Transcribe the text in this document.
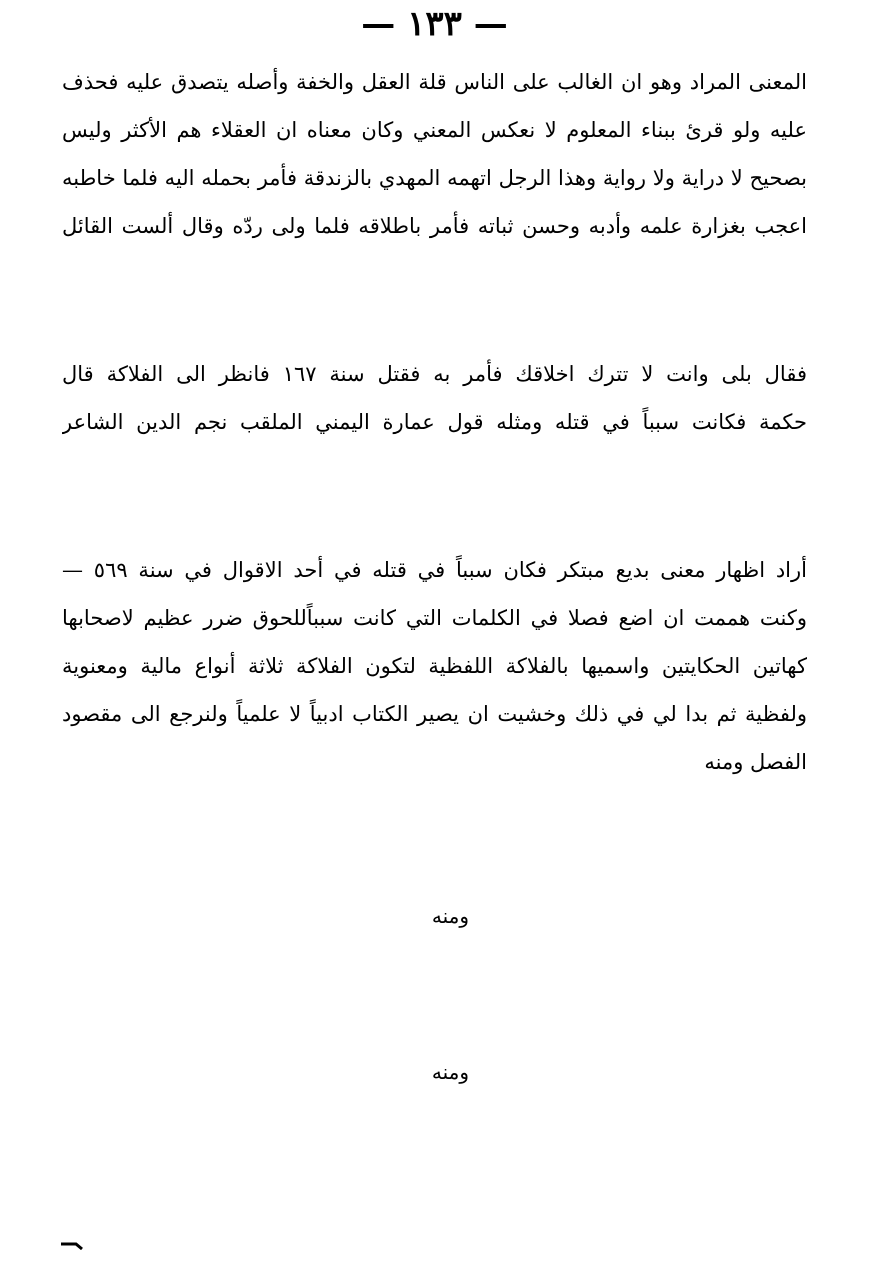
— ١٣٣ —
المعنى المراد وهو ان الغالب على الناس قلة العقل والخفة وأصله يتصدق عليه فحذف
عليه ولو قرئ ببناء المعلوم لا نعكس المعني وكان معناه ان العقلاء هم الأكثر وليس
بصحيح لا دراية ولا رواية وهذا الرجل اتهمه المهدي بالزندقة فأمر بحمله اليه فلما خاطبه
اعجب بغزارة علمه وأدبه وحسن ثباته فأمر باطلاقه فلما ولى ردّه وقال ألست القائل
فقال بلى وانت لا تترك اخلاقك فأمر به فقتل سنة ١٦٧ فانظر الى الفلاكة قال
حكمة فكانت سبباً في قتله ومثله قول عمارة اليمني الملقب نجم الدين الشاعر
أراد اظهار معنى بديع مبتكر فكان سبباً في قتله في أحد الاقوال في سنة ٥٦٩ —
وكنت هممت ان اضع فصلا في الكلمات التي كانت سبباًللحوق ضرر عظيم لاصحابها
كهاتين الحكايتين واسميها بالفلاكة اللفظية لتكون الفلاكة ثلاثة أنواع مالية ومعنوية
ولفظية ثم بدا لي في ذلك وخشيت ان يصير الكتاب ادبياً لا علمياً ولنرجع الى مقصود
الفصل ومنه
ومنه
ومنه
